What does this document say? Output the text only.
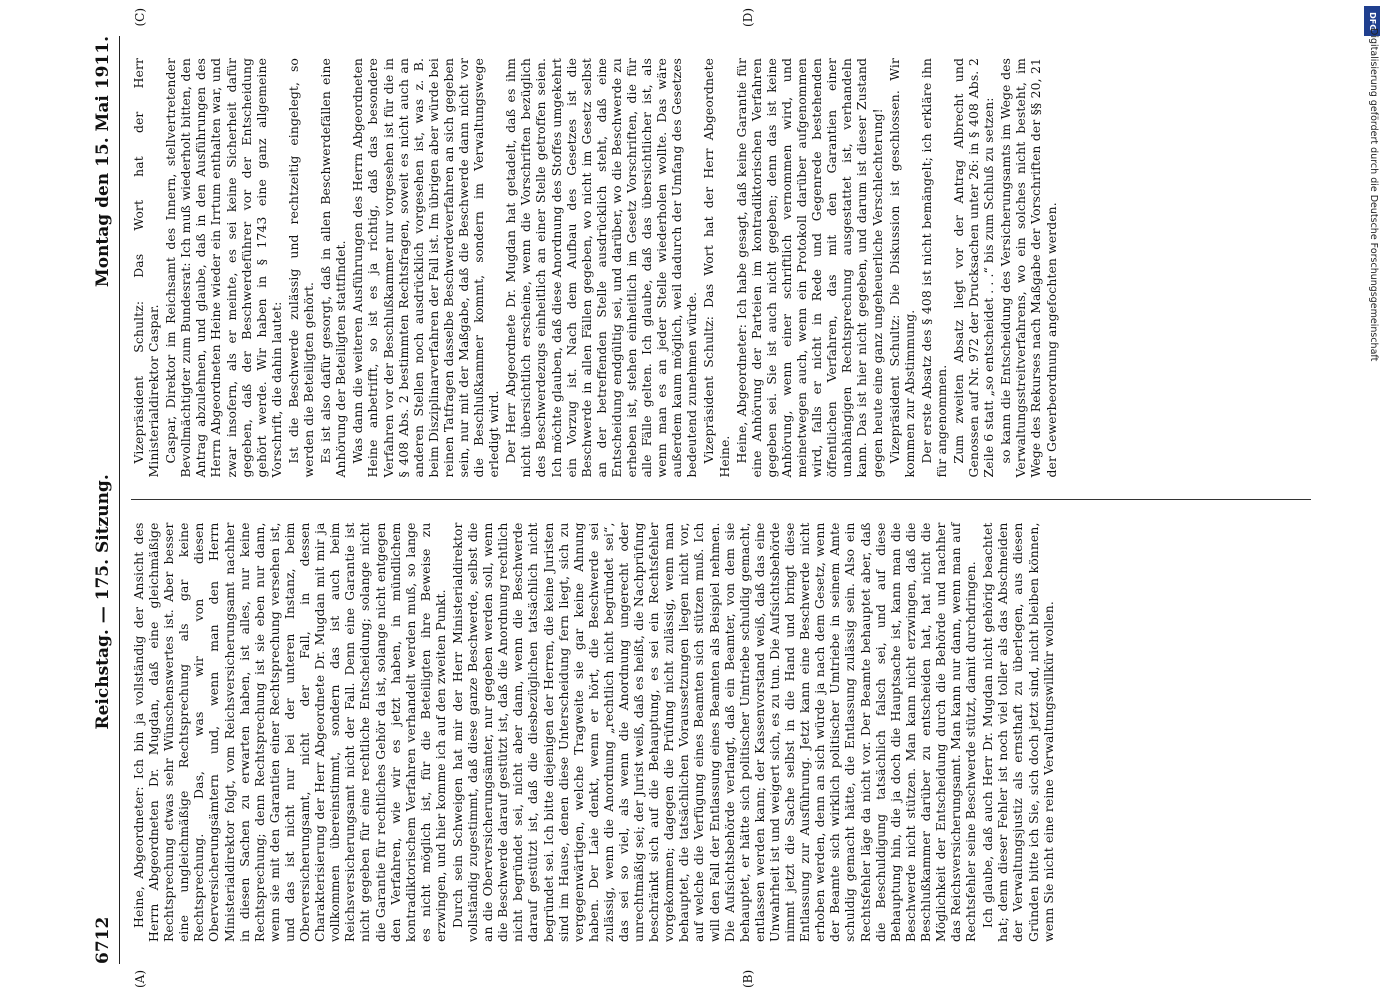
6712
Reichstag. — 175. Sitzung.
Montag den 15. Mai 1911.

Heine, Abgeordneter: Ich bin ja vollständig der Ansicht des Herrn Abgeordneten Dr. Mugdan, daß eine gleichmäßige Rechtsprechung etwas sehr Wünschenswertes ist. Aber besser eine ungleichmäßige Rechtsprechung als gar keine Rechtsprechung. Das, was wir von diesen Oberversicherungsämtern und, wenn man den Herrn Ministerialdirektor folgt, vom Reichsversicherungsamt nachher in diesen Sachen zu erwarten haben, ist alles, nur keine Rechtsprechung; denn Rechtsprechung ist sie eben nur dann, wenn sie mit den Garantien einer Rechtsprechung versehen ist, und das ist nicht nur bei der unteren Instanz, beim Oberversicherungsamt, nicht der Fall, in dessen Charakterisierung der Herr Abgeordnete Dr. Mugdan mit mir ja vollkommen übereinstimmt, sondern das ist auch beim Reichsversicherungsamt nicht der Fall. Denn eine Garantie ist nicht gegeben für eine rechtliche Entscheidung; solange nicht die Garantie für rechtliches Gehör da ist, solange nicht entgegen den Verfahren, wie wir es jetzt haben, in mündlichem kontradiktorischem Verfahren verhandelt werden muß, so lange es nicht möglich ist, für die Beteiligten ihre Beweise zu erzwingen, und hier komme ich auf den zweiten Punkt. Durch sein Schweigen hat mir der Herr Ministerialdirektor vollständig zugestimmt, daß diese ganze Beschwerde, selbst die an die Oberversicherungsämter, nur gegeben werden soll, wenn die Beschwerde darauf gestützt ist, daß die Anordnung rechtlich nicht begründet sei, nicht aber dann, wenn die Beschwerde darauf gestützt ist, daß die diesbezüglichen tatsächlich nicht begründet sei. Ich bitte diejenigen der Herren, die keine Juristen sind im Hause, denen diese Unterscheidung fern liegt, sich zu vergegenwärtigen, welche Tragweite sie gar keine Ahnung haben. Der Laie denkt, wenn er hört, die Beschwerde sei zulässig, wenn die Anordnung „rechtlich nicht begründet sei“, das sei so viel, als wenn die Anordnung ungerecht oder unrechtmäßig sei; der Jurist weiß, daß es heißt, die Nachprüfung beschränkt sich auf die Behauptung, es sei ein Rechtsfehler vorgekommen; dagegen die Prüfung nicht zulässig, wenn man behauptet, die tatsächlichen Voraussetzungen liegen nicht vor, auf welche die Verfügung eines Beamten sich stützen muß. Ich will den Fall der Entlassung eines Beamten als Beispiel nehmen. Die Aufsichtsbehörde verlangt, daß ein Beamter, von dem sie behauptet, er hätte sich politischer Umtriebe schuldig gemacht, entlassen werden kann; der Kassenvorstand weiß, daß das eine Unwahrheit ist und weigert sich, es zu tun. Die Aufsichtsbehörde nimmt jetzt die Sache selbst in die Hand und bringt diese Entlassung zur Ausführung. Jetzt kann eine Beschwerde nicht erhoben werden, denn an sich würde ja nach dem Gesetz, wenn der Beamte sich wirklich politischer Umtriebe in seinem Amte schuldig gemacht hätte, die Entlassung zulässig sein. Also ein Rechtsfehler läge da nicht vor. Der Beamte behauptet aber, daß die Beschuldigung tatsächlich falsch sei, und auf diese Behauptung hin, die ja doch die Hauptsache ist, kann man die Beschwerde nicht stützen. Man kann nicht erzwingen, daß die Beschlußkammer darüber zu entscheiden hat, hat nicht die Möglichkeit der Entscheidung durch die Behörde und nachher das Reichsversicherungsamt. Man kann nur dann, wenn man auf Rechtsfehler seine Beschwerde stützt, damit durchdringen. Ich glaube, daß auch Herr Dr. Mugdan nicht gehörig beachtet hat; denn dieser Fehler ist noch viel toller als das Abschneiden der Verwaltungsjustiz als ernsthaft zu überlegen, aus diesen Gründen bitte ich Sie, sich doch jetzt sind, nicht bleiben können, wenn Sie nicht eine reine Verwaltungswillkür wollen.

Vizepräsident Schultz: Das Wort hat der Herr Ministerialdirektor Caspar. Caspar, Direktor im Reichsamt des Innern, stellvertretender Bevollmächtigter zum Bundesrat: Ich muß wiederholt bitten, den Antrag abzulehnen, und glaube, daß in den Ausführungen des Herrn Abgeordneten Heine wieder ein Irrtum enthalten war, und zwar insofern, als er meinte, es sei keine Sicherheit dafür gegeben, daß der Beschwerdeführer vor der Entscheidung gehört werde. Wir haben in § 1743 eine ganz allgemeine Vorschrift, die dahin lautet: Ist die Beschwerde zulässig und rechtzeitig eingelegt, so werden die Beteiligten gehört. Es ist also dafür gesorgt, daß in allen Beschwerdefällen eine Anhörung der Beteiligten stattfindet. Was dann die weiteren Ausführungen des Herrn Abgeordneten Heine anbetrifft, so ist es ja richtig, daß das besondere Verfahren vor der Beschlußkammer nur vorgesehen ist für die in § 408 Abs. 2 bestimmten Rechtsfragen, soweit es nicht auch an anderen Stellen noch ausdrücklich vorgesehen ist, was z. B. beim Disziplinarverfahren der Fall ist. Im übrigen aber würde bei reinen Tatfragen dasselbe Beschwerdeverfahren an sich gegeben sein, nur mit der Maßgabe, daß die Beschwerde dann nicht vor die Beschlußkammer kommt, sondern im Verwaltungswege erledigt wird. Der Herr Abgeordnete Dr. Mugdan hat getadelt, daß es ihm nicht übersichtlich erscheine, wenn die Vorschriften bezüglich des Beschwerdezugs einheitlich an einer Stelle getroffen seien. Ich möchte glauben, daß diese Anordnung des Stoffes umgekehrt ein Vorzug ist. Nach dem Aufbau des Gesetzes ist die Beschwerde in allen Fällen gegeben, wo nicht im Gesetz selbst an der betreffenden Stelle ausdrücklich steht, daß eine Entscheidung endgültig sei, und darüber, wo die Beschwerde zu erheben ist, stehen einheitlich im Gesetz Vorschriften, die für alle Fälle gelten. Ich glaube, daß das übersichtlicher ist, als wenn man es an jeder Stelle wiederholen wollte. Das wäre außerdem kaum möglich, weil dadurch der Umfang des Gesetzes bedeutend zunehmen würde. Vizepräsident Schultz: Das Wort hat der Herr Abgeordnete Heine. Heine, Abgeordneter: Ich habe gesagt, daß keine Garantie für eine Anhörung der Parteien im kontradiktorischen Verfahren gegeben sei. Sie ist auch nicht gegeben; denn das ist keine Anhörung, wenn einer schriftlich vernommen wird, und meinetwegen auch, wenn ein Protokoll darüber aufgenommen wird, falls er nicht in Rede und Gegenrede bestehenden öffentlichen Verfahren, das mit den Garantien einer unabhängigen Rechtsprechung ausgestattet ist, verhandeln kann. Das ist hier nicht gegeben, und darum ist dieser Zustand gegen heute eine ganz ungeheuerliche Verschlechterung! Vizepräsident Schultz: Die Diskussion ist geschlossen. Wir kommen zur Abstimmung. Der erste Absatz des § 408 ist nicht bemängelt; ich erkläre ihn für angenommen. Zum zweiten Absatz liegt vor der Antrag Albrecht und Genossen auf Nr. 972 der Drucksachen unter 26: in § 408 Abs. 2 Zeile 6 statt „so entscheidet . . .“ bis zum Schluß zu setzen: so kann die Entscheidung des Versicherungsamts im Wege des Verwaltungsstreitverfahrens, wo ein solches nicht besteht, im Wege des Rekurses nach Maßgabe der Vorschriften der §§ 20, 21 der Gewerbeordnung angefochten werden.

(A)	(B)
(C)	(D)	DFG
Digitalisierung gefördert durch die Deutsche Forschungsgemeinschaft
